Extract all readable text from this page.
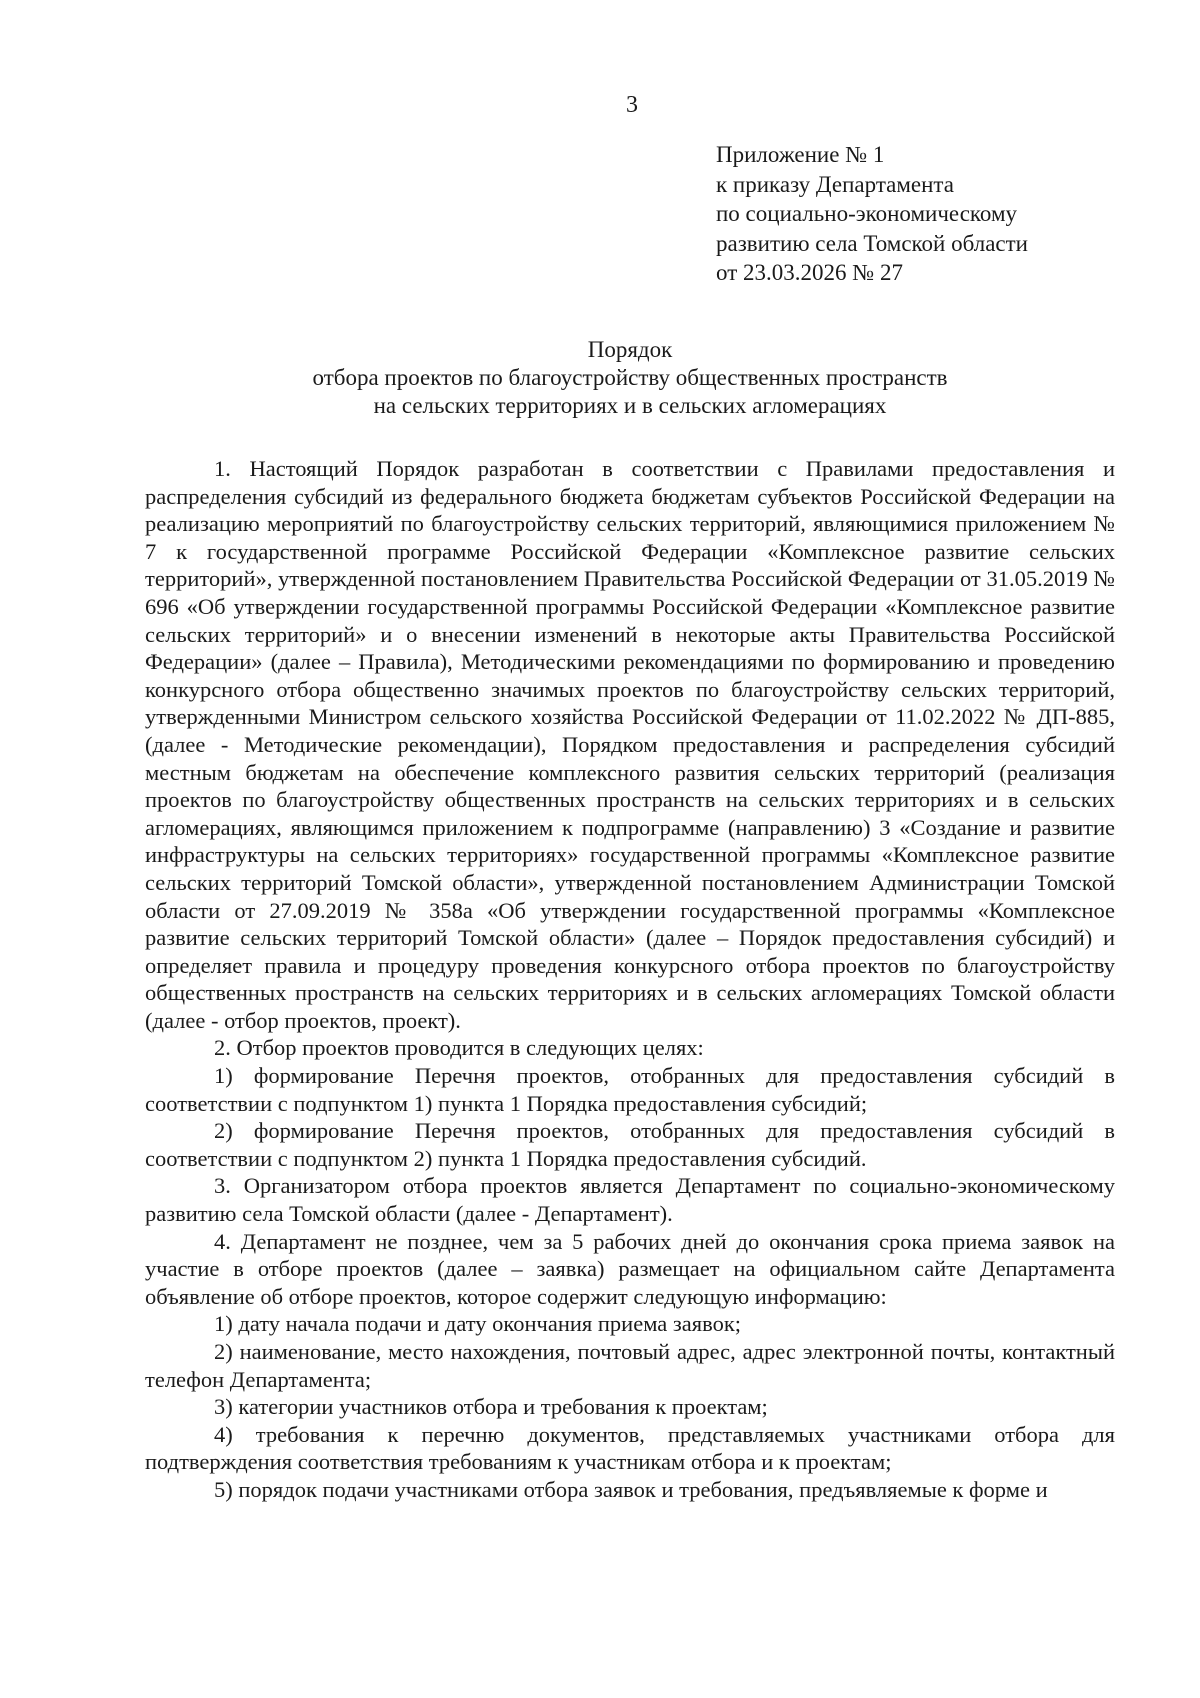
3
Приложение № 1
к приказу Департамента
по социально-экономическому
развитию села Томской области
от 23.03.2026 № 27
Порядок
отбора проектов по благоустройству общественных пространств
на сельских территориях и в сельских агломерациях

1. Настоящий Порядок разработан в соответствии с Правилами предоставления и распределения субсидий из федерального бюджета бюджетам субъектов Российской Федерации на реализацию мероприятий по благоустройству сельских территорий, являющимися приложением № 7 к государственной программе Российской Федерации «Комплексное развитие сельских территорий», утвержденной постановлением Правительства Российской Федерации от 31.05.2019 № 696 «Об утверждении государственной программы Российской Федерации «Комплексное развитие сельских территорий» и о внесении изменений в некоторые акты Правительства Российской Федерации» (далее – Правила), Методическими рекомендациями по формированию и проведению конкурсного отбора общественно значимых проектов по благоустройству сельских территорий, утвержденными Министром сельского хозяйства Российской Федерации от 11.02.2022 № ДП-885, (далее - Методические рекомендации), Порядком предоставления и распределения субсидий местным бюджетам на обеспечение комплексного развития сельских территорий (реализация проектов по благоустройству общественных пространств на сельских территориях и в сельских агломерациях, являющимся приложением к подпрограмме (направлению) 3 «Создание и развитие инфраструктуры на сельских территориях» государственной программы «Комплексное развитие сельских территорий Томской области», утвержденной постановлением Администрации Томской области от 27.09.2019 № 358а «Об утверждении государственной программы «Комплексное развитие сельских территорий Томской области» (далее – Порядок предоставления субсидий) и определяет правила и процедуру проведения конкурсного отбора проектов по благоустройству общественных пространств на сельских территориях и в сельских агломерациях Томской области (далее - отбор проектов, проект).

2. Отбор проектов проводится в следующих целях:

1) формирование Перечня проектов, отобранных для предоставления субсидий в соответствии с подпунктом 1) пункта 1 Порядка предоставления субсидий;

2) формирование Перечня проектов, отобранных для предоставления субсидий в соответствии с подпунктом 2) пункта 1 Порядка предоставления субсидий.

3. Организатором отбора проектов является Департамент по социально-экономическому развитию села Томской области (далее - Департамент).

4. Департамент не позднее, чем за 5 рабочих дней до окончания срока приема заявок на участие в отборе проектов (далее – заявка) размещает на официальном сайте Департамента объявление об отборе проектов, которое содержит следующую информацию:

1) дату начала подачи и дату окончания приема заявок;

2) наименование, место нахождения, почтовый адрес, адрес электронной почты, контактный телефон Департамента;

3) категории участников отбора и требования к проектам;

4) требования к перечню документов, представляемых участниками отбора для подтверждения соответствия требованиям к участникам отбора и к проектам;

5) порядок подачи участниками отбора заявок и требования, предъявляемые к форме и
